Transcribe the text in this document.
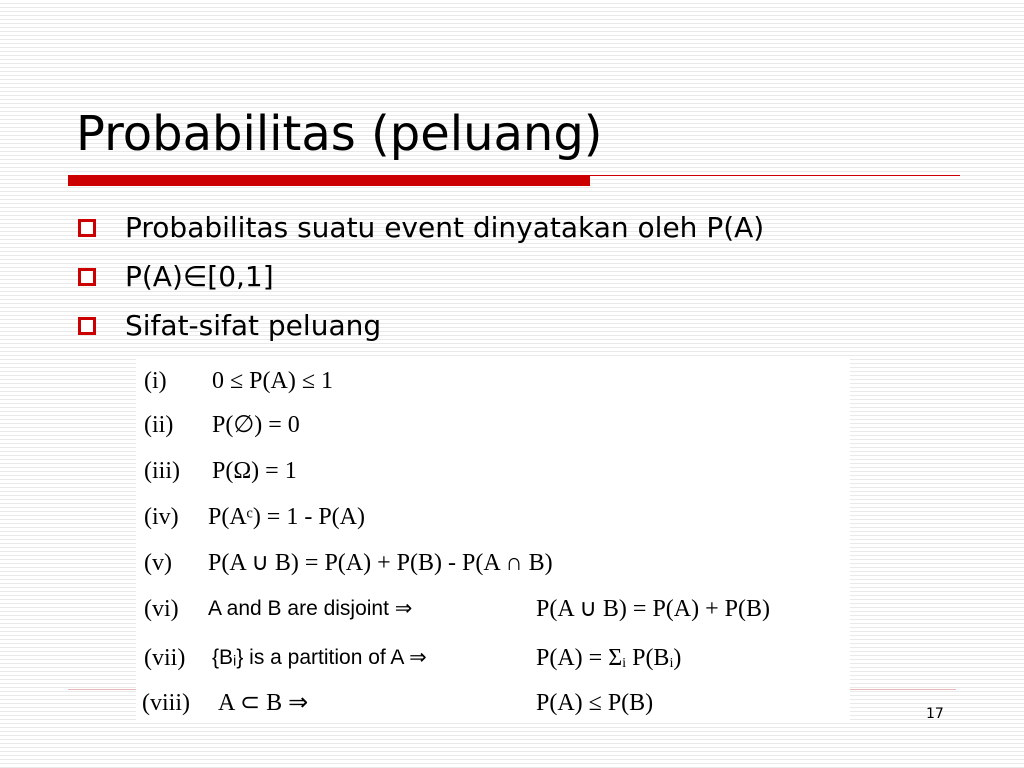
Probabilitas (peluang)
Probabilitas suatu event dinyatakan oleh P(A)
P(A)∈[0,1]
Sifat-sifat peluang
(i) 0 ≤ P(A) ≤ 1
(ii) P(∅) = 0
(iii) P(Ω) = 1
(iv) P(Aᶜ) = 1 - P(A)
(v) P(A ∪ B) = P(A) + P(B) - P(A ∩ B)
(vi) A and B are disjoint ⇒	P(A ∪ B) = P(A) + P(B)
(vii) {Bᵢ} is a partition of A ⇒	P(A) = Σᵢ P(Bᵢ)
(viii) A ⊂ B ⇒	P(A) ≤ P(B)	17
